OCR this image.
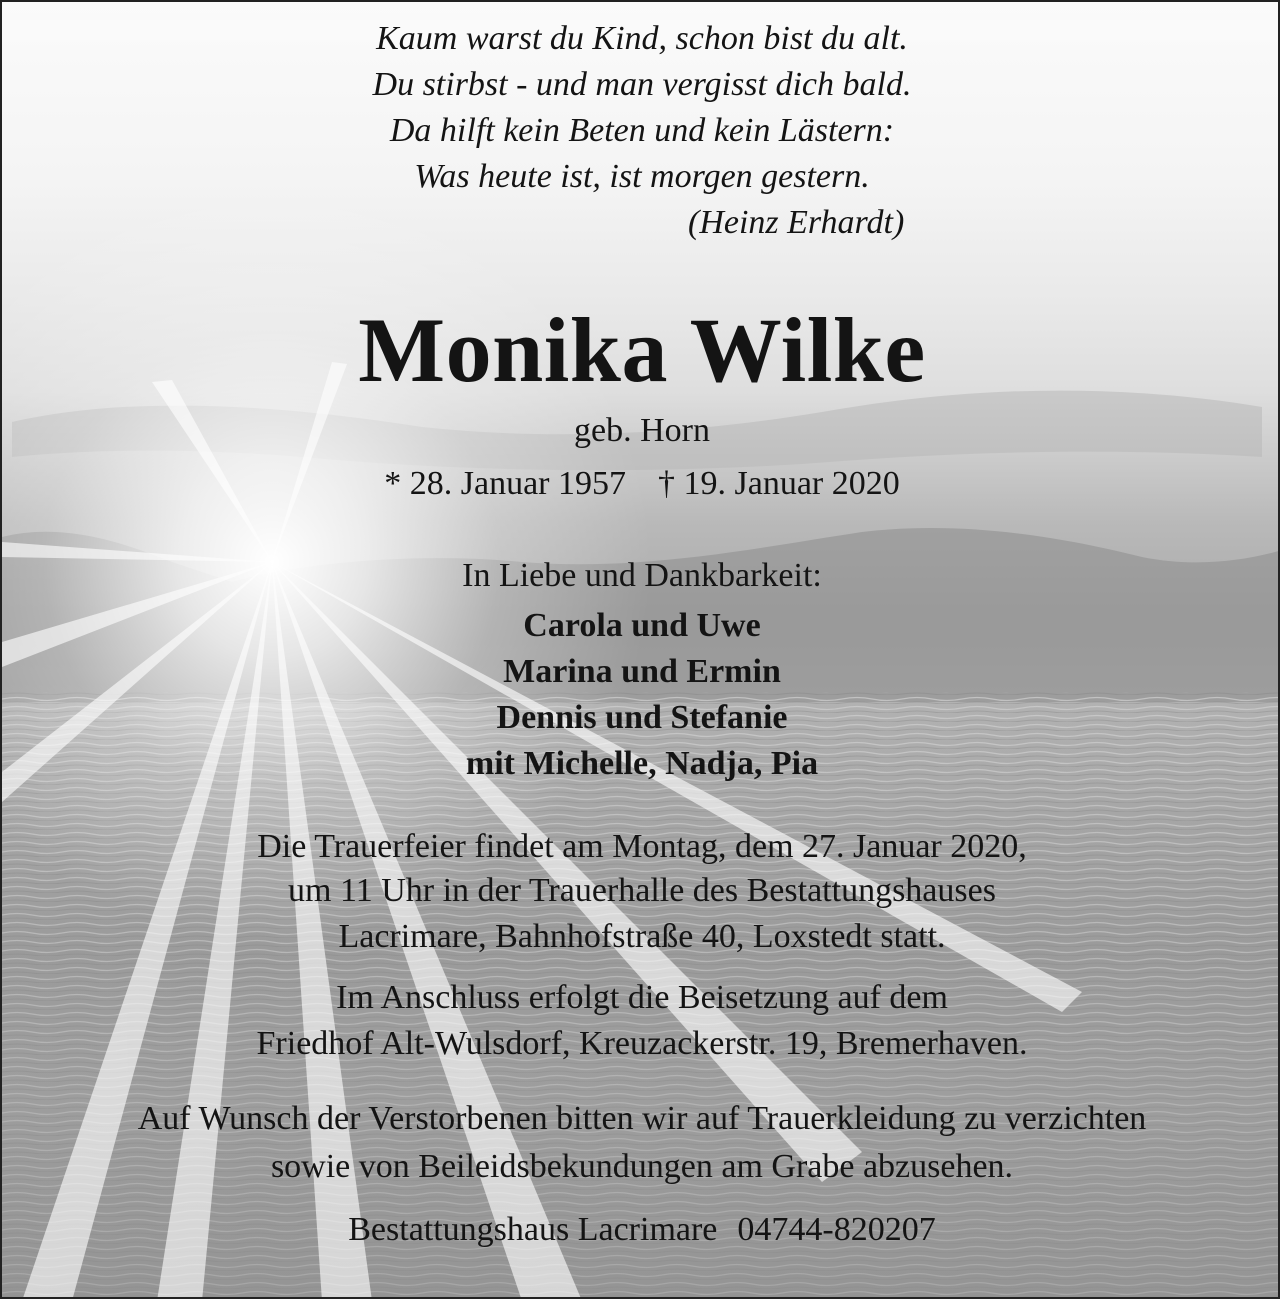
Kaum warst du Kind, schon bist du alt.
Du stirbst - und man vergisst dich bald.
Da hilft kein Beten und kein Lästern:
Was heute ist, ist morgen gestern.
(Heinz Erhardt)
Monika Wilke
geb. Horn
* 28. Januar 1957 † 19. Januar 2020
In Liebe und Dankbarkeit:
Carola und Uwe
Marina und Ermin
Dennis und Stefanie
mit Michelle, Nadja, Pia
Die Trauerfeier findet am Montag, dem 27. Januar 2020,
um 11 Uhr in der Trauerhalle des Bestattungshauses
Lacrimare, Bahnhofstraße 40, Loxstedt statt.
Im Anschluss erfolgt die Beisetzung auf dem
Friedhof Alt-Wulsdorf, Kreuzackerstr. 19, Bremerhaven.
Auf Wunsch der Verstorbenen bitten wir auf Trauerkleidung zu verzichten
sowie von Beileidsbekundungen am Grabe abzusehen.
Bestattungshaus Lacrimare 04744-820207
